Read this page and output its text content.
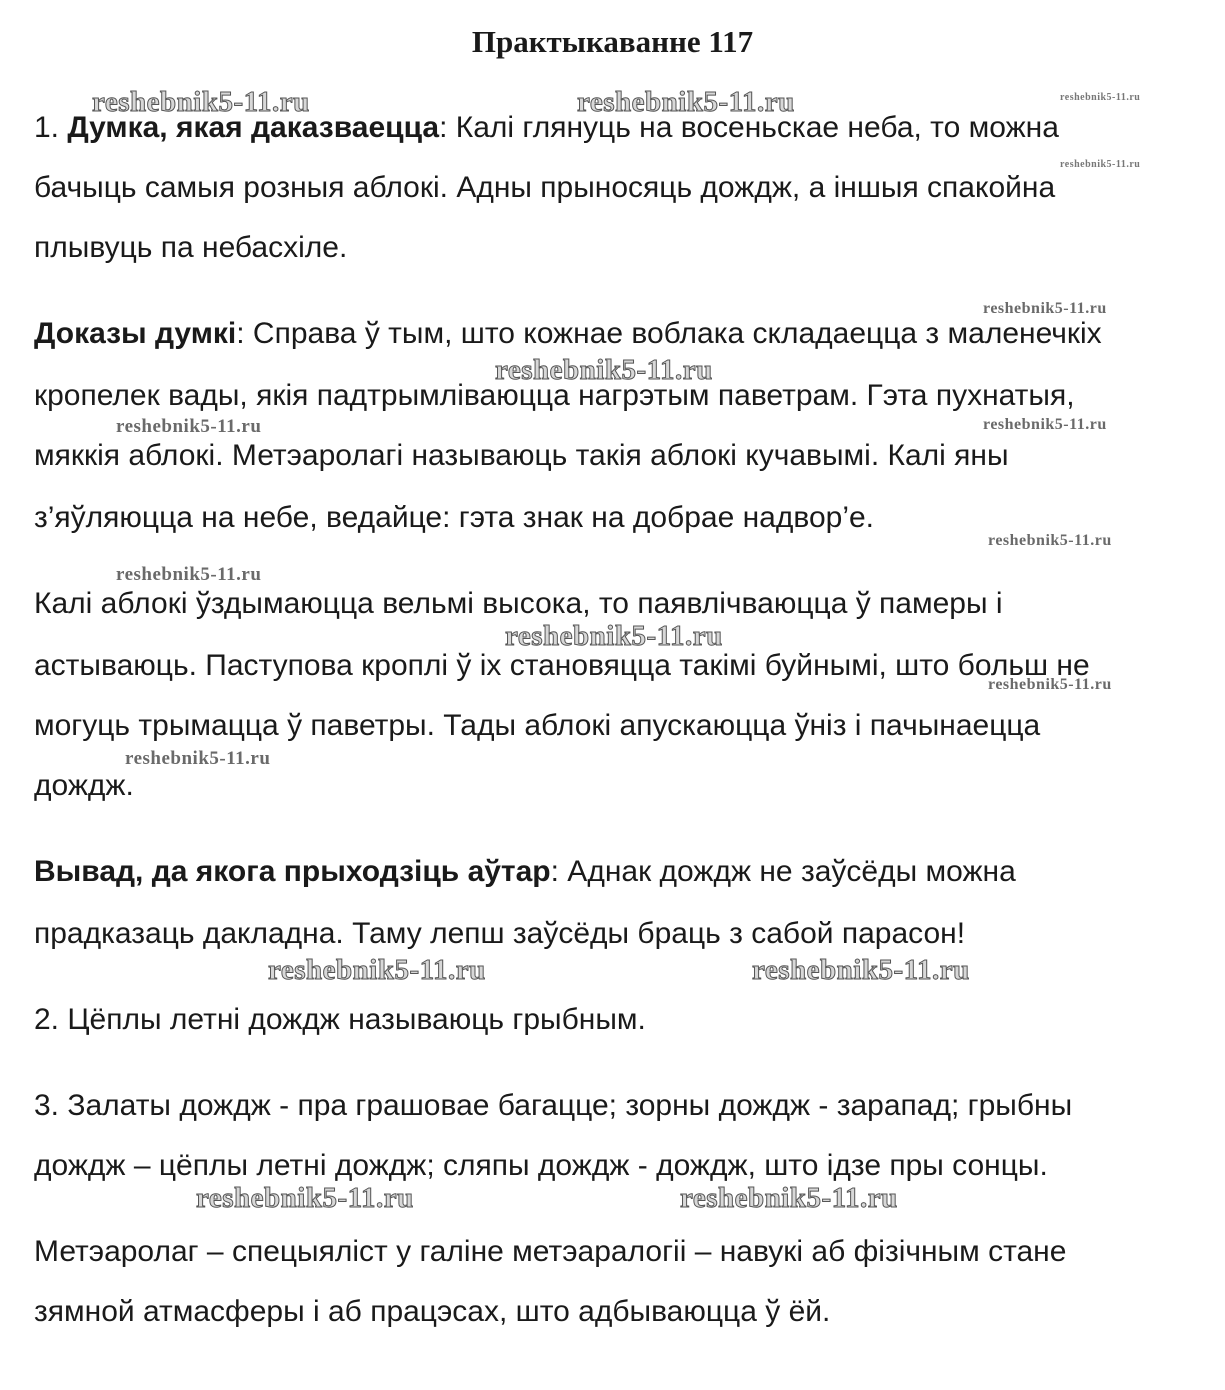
Практыкаванне 117
reshebnik5-11.ru	reshebnik5-11.ru	reshebnik5-11.ru
reshebnik5-11.ru
reshebnik5-11.ru
reshebnik5-11.ru
reshebnik5-11.ru	reshebnik5-11.ru
reshebnik5-11.ru
reshebnik5-11.ru
reshebnik5-11.ru
reshebnik5-11.ru
reshebnik5-11.ru
reshebnik5-11.ru	reshebnik5-11.ru
reshebnik5-11.ru	reshebnik5-11.ru
1. Думка, якая даказваецца: Калі глянуць на восеньскае неба, то можна
бачыць самыя розныя аблокі. Адны прыносяць дождж, а іншыя спакойна
плывуць па небасхіле.
Доказы думкі: Справа ў тым, што кожнае воблака складаецца з маленечкіх
кропелек вады, якія падтрымліваюцца нагрэтым паветрам. Гэта пухнатыя,
мяккія аблокі. Метэаролагі называюць такія аблокі кучавымі. Калі яны
з’яўляюцца на небе, ведайце: гэта знак на добрае надвор’е.
Калі аблокі ўздымаюцца вельмі высока, то паявлічваюцца ў памеры і
астываюць. Паступова кроплі ў іх становяцца такімі буйнымі, што больш не
могуць трымацца ў паветры. Тады аблокі апускаюцца ўніз і пачынаецца
дождж.
Вывад, да якога прыходзіць аўтар: Аднак дождж не заўсёды можна
прадказаць дакладна. Таму лепш заўсёды браць з сабой парасон!
2. Цёплы летні дождж называюць грыбным.
3. Залаты дождж - пра грашовае багацце; зорны дождж - зарапад; грыбны
дождж – цёплы летні дождж; сляпы дождж - дождж, што ідзе пры сонцы.
Метэаролаг – спецыяліст у галіне метэаралогіі – навукі аб фізічным стане
зямной атмасферы і аб працэсах, што адбываюцца ў ёй.
